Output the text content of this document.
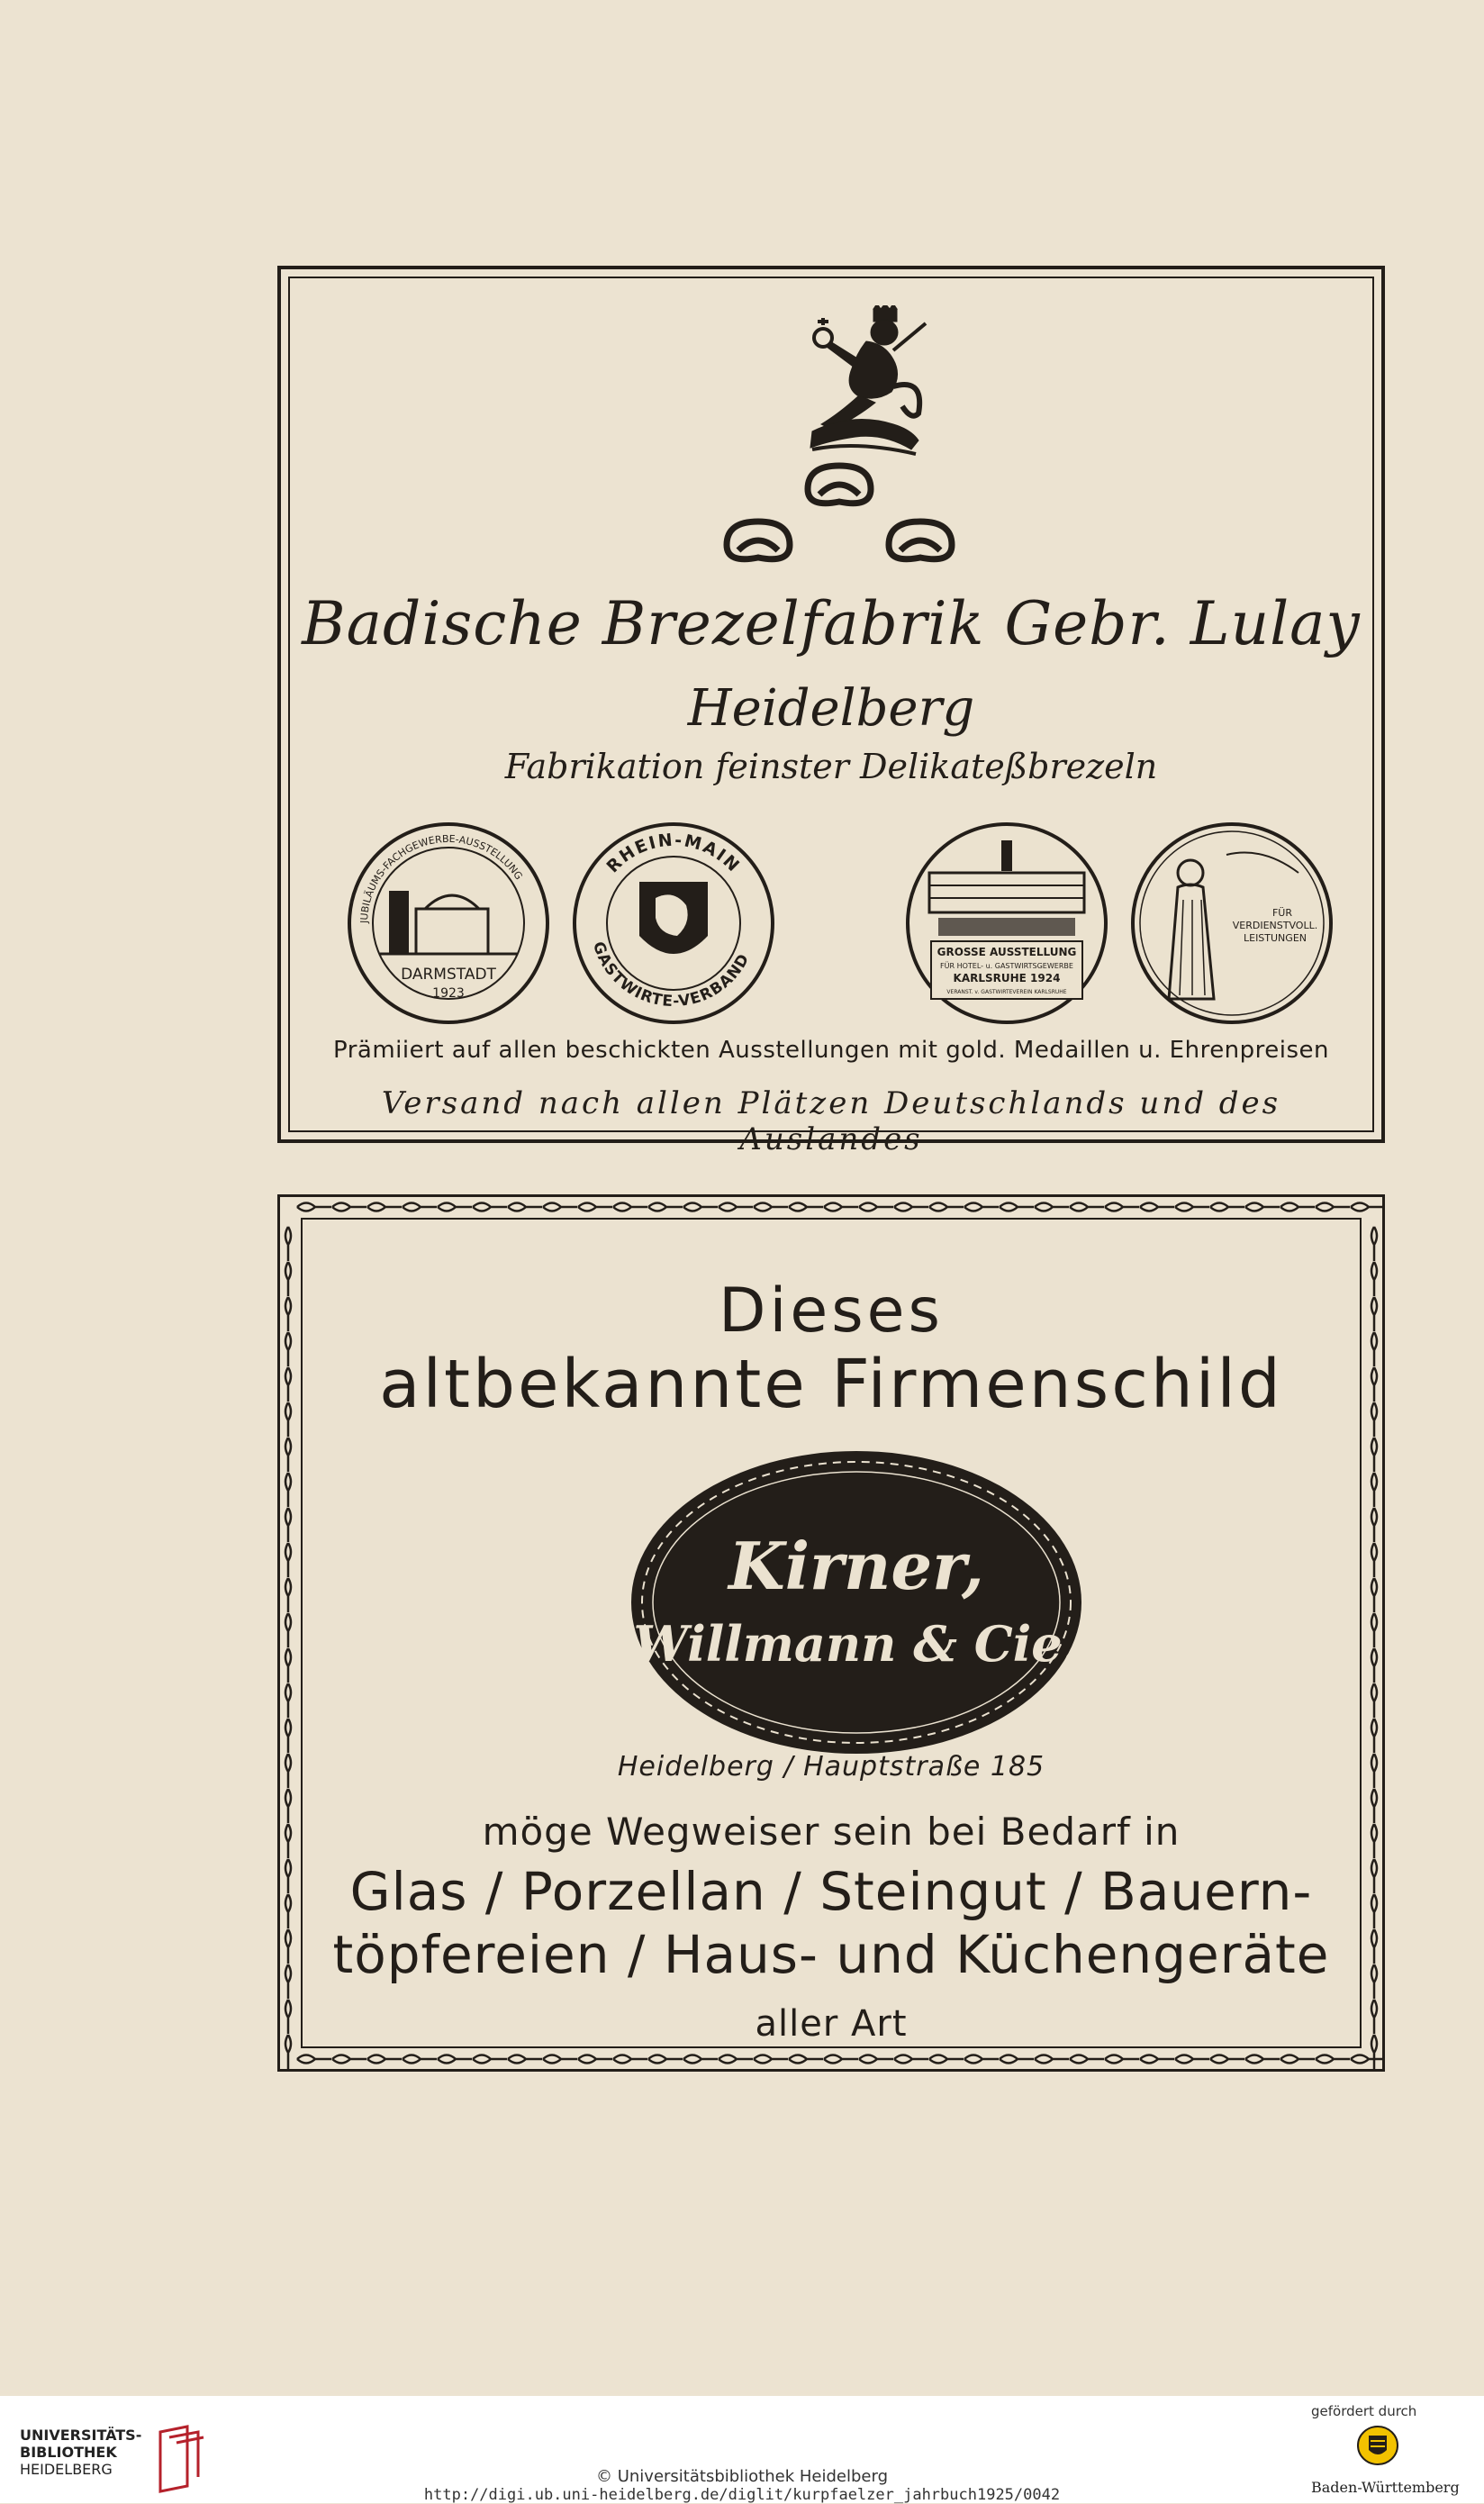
Badische Brezelfabrik Gebr. Lulay
Heidelberg
Fabrikation feinster Delikateßbrezeln
JUBILÄUMS-FACHGEWERBE-AUSSTELLUNG
DARMSTADT
1923
RHEIN-MAIN
GASTWIRTE-VERBAND	GROSSE AUSSTELLUNG
FÜR HOTEL- u. GASTWIRTSGEWERBE
KARLSRUHE 1924
VERANST. v. GASTWIRTEVEREIN KARLSRUHE
FÜR
VERDIENSTVOLL.
LEISTUNGEN
Prämiiert auf allen beschickten Ausstellungen mit gold. Medaillen u. Ehrenpreisen
Versand nach allen Plätzen Deutschlands und des Auslandes
Dieses
altbekannte Firmenschild
Kirner,
Willmann & Cie.
Heidelberg / Hauptstraße 185
möge Wegweiser sein bei Bedarf in
Glas / Porzellan / Steingut / Bauern-
töpfereien / Haus- und Küchengeräte
aller Art
UNIVERSITÄTS-
BIBLIOTHEK
HEIDELBERG	© Universitätsbibliothek Heidelberg
http://digi.ub.uni-heidelberg.de/diglit/kurpfaelzer_jahrbuch1925/0042
gefördert durch
Baden-Württemberg
